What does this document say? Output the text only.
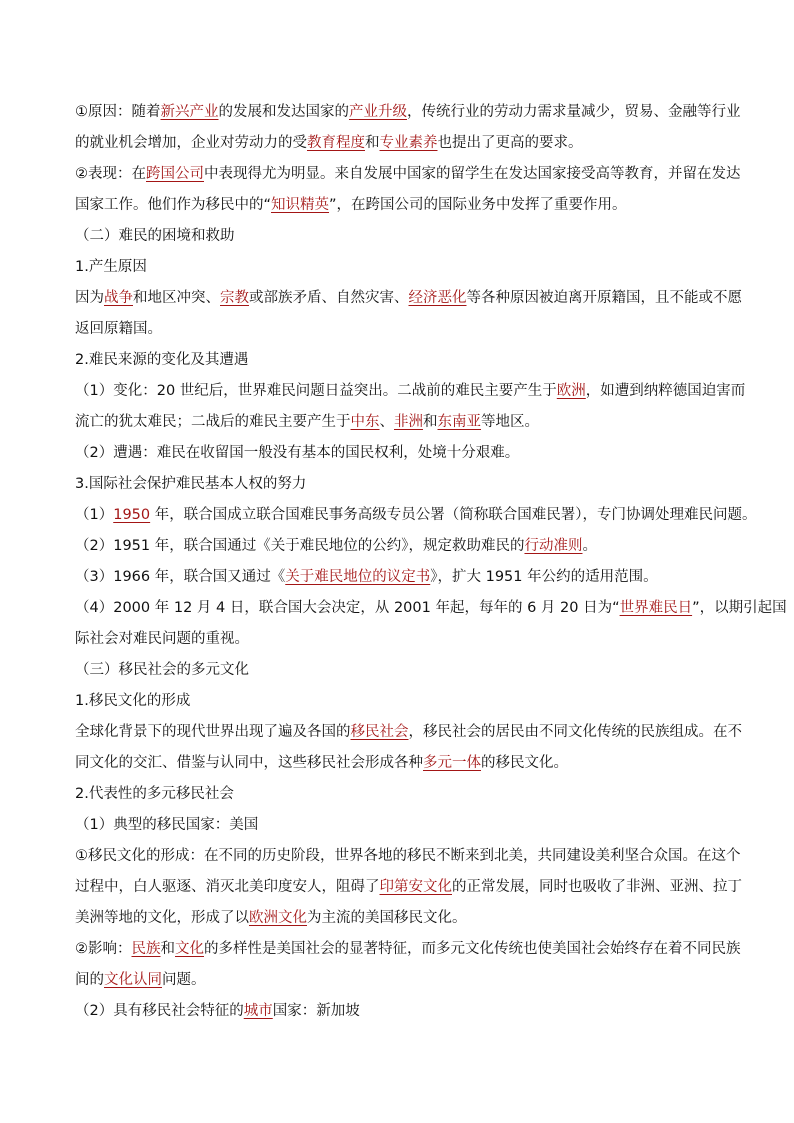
①原因：随着新兴产业的发展和发达国家的产业升级，传统行业的劳动力需求量减少，贸易、金融等行业
的就业机会增加，企业对劳动力的受教育程度和专业素养也提出了更高的要求。
②表现：在跨国公司中表现得尤为明显。来自发展中国家的留学生在发达国家接受高等教育，并留在发达
国家工作。他们作为移民中的“知识精英”，在跨国公司的国际业务中发挥了重要作用。
（二）难民的困境和救助
1.产生原因
因为战争和地区冲突、宗教或部族矛盾、自然灾害、经济恶化等各种原因被迫离开原籍国，且不能或不愿
返回原籍国。
2.难民来源的变化及其遭遇
（1）变化：20 世纪后，世界难民问题日益突出。二战前的难民主要产生于欧洲，如遭到纳粹德国迫害而
流亡的犹太难民；二战后的难民主要产生于中东、非洲和东南亚等地区。
（2）遭遇：难民在收留国一般没有基本的国民权利，处境十分艰难。
3.国际社会保护难民基本人权的努力
（1）1950 年，联合国成立联合国难民事务高级专员公署（简称联合国难民署），专门协调处理难民问题。
（2）1951 年，联合国通过《关于难民地位的公约》，规定救助难民的行动准则。
（3）1966 年，联合国又通过《关于难民地位的议定书》，扩大 1951 年公约的适用范围。
（4）2000 年 12 月 4 日，联合国大会决定，从 2001 年起，每年的 6 月 20 日为“世界难民日”，以期引起国
际社会对难民问题的重视。
（三）移民社会的多元文化
1.移民文化的形成
全球化背景下的现代世界出现了遍及各国的移民社会，移民社会的居民由不同文化传统的民族组成。在不
同文化的交汇、借鉴与认同中，这些移民社会形成各种多元一体的移民文化。
2.代表性的多元移民社会
（1）典型的移民国家：美国
①移民文化的形成：在不同的历史阶段，世界各地的移民不断来到北美，共同建设美利坚合众国。在这个
过程中，白人驱逐、消灭北美印度安人，阻碍了印第安文化的正常发展，同时也吸收了非洲、亚洲、拉丁
美洲等地的文化，形成了以欧洲文化为主流的美国移民文化。
②影响：民族和文化的多样性是美国社会的显著特征，而多元文化传统也使美国社会始终存在着不同民族
间的文化认同问题。
（2）具有移民社会特征的城市国家：新加坡
